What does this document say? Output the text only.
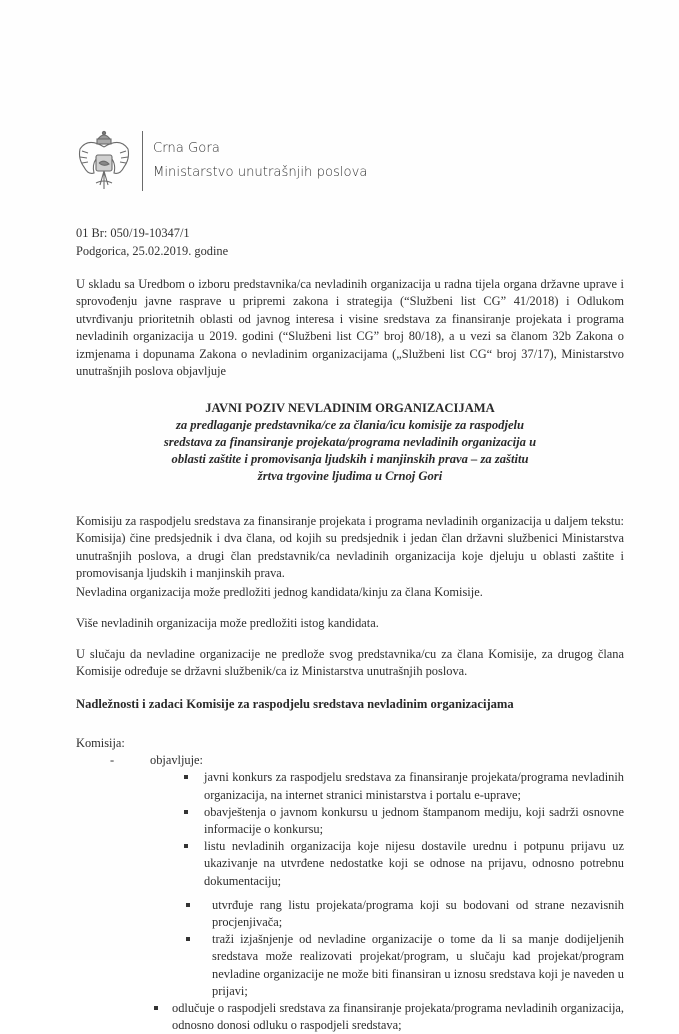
Crna Gora
Ministarstvo unutrašnjih poslova
01 Br: 050/19-10347/1
Podgorica, 25.02.2019. godine
U skladu sa Uredbom o izboru predstavnika/ca nevladinih organizacija u radna tijela organa državne uprave i sprovođenju javne rasprave u pripremi zakona i strategija (“Službeni list CG” 41/2018) i Odlukom utvrđivanju prioritetnih oblasti od javnog interesa i visine sredstava za finansiranje projekata i programa nevladinih organizacija u 2019. godini (“Službeni list CG” broj 80/18), a u vezi sa članom 32b Zakona o izmjenama i dopunama Zakona o nevladinim organizacijama („Službeni list CG“ broj 37/17), Ministarstvo unutrašnjih poslova objavljuje
JAVNI POZIV NEVLADINIM ORGANIZACIJAMA
za predlaganje predstavnika/ce za člania/icu komisije za raspodjelu sredstava za finansiranje projekata/programa nevladinih organizacija u oblasti zaštite i promovisanja ljudskih i manjinskih prava – za zaštitu žrtva trgovine ljudima u Crnoj Gori
Komisiju za raspodjelu sredstava za finansiranje projekata i programa nevladinih organizacija u daljem tekstu: Komisija) čine predsjednik i dva člana, od kojih su predsjednik i jedan član državni službenici Ministarstva unutrašnjih poslova, a drugi član predstavnik/ca nevladinih organizacija koje djeluju u oblasti zaštite i promovisanja ljudskih i manjinskih prava.
Nevladina organizacija može predložiti jednog kandidata/kinju za člana Komisije.
Više nevladinih organizacija može predložiti istog kandidata.
U slučaju da nevladine organizacije ne predlože svog predstavnika/cu za člana Komisije, za drugog člana Komisije određuje se državni službenik/ca iz Ministarstva unutrašnjih poslova.
Nadležnosti i zadaci Komisije za raspodjelu sredstava nevladinim organizacijama
Komisija:
-	objavljuje:
javni konkurs za raspodjelu sredstava za finansiranje projekata/programa nevladinih organizacija, na internet stranici ministarstva i portalu e-uprave;
obavještenja o javnom konkursu u jednom štampanom mediju, koji sadrži osnovne informacije o konkursu;
listu nevladinih organizacija koje nijesu dostavile urednu i potpunu prijavu uz ukazivanje na utvrđene nedostatke koji se odnose na prijavu, odnosno potrebnu dokumentaciju;
utvrđuje rang listu projekata/programa koji su bodovani od strane nezavisnih procjenjivača;
traži izjašnjenje od nevladine organizacije o tome da li sa manje dodijeljenih sredstava može realizovati projekat/program, u slučaju kad projekat/program nevladine organizacije ne može biti finansiran u iznosu sredstava koji je naveden u prijavi;
odlučuje o raspodjeli sredstava za finansiranje projekata/programa nevladinih organizacija, odnosno donosi odluku o raspodjeli sredstava;
